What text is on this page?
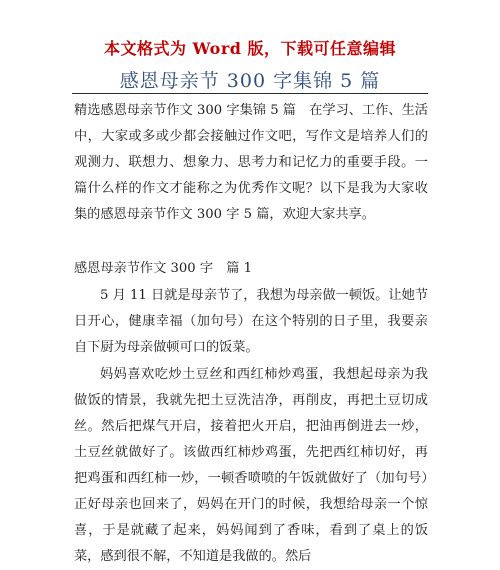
本文格式为 Word 版，下载可任意编辑
感恩母亲节 300 字集锦 5 篇
精选感恩母亲节作文 300 字集锦 5 篇　在学习、工作、生活中，大家或多或少都会接触过作文吧，写作文是培养人们的观测力、联想力、想象力、思考力和记忆力的重要手段。一篇什么样的作文才能称之为优秀作文呢？以下是我为大家收集的感恩母亲节作文 300 字 5 篇，欢迎大家共享。
感恩母亲节作文 300 字　篇 1
5 月 11 日就是母亲节了，我想为母亲做一顿饭。让她节日开心，健康幸福（加句号）在这个特别的日子里，我要亲自下厨为母亲做顿可口的饭菜。
妈妈喜欢吃炒土豆丝和西红柿炒鸡蛋，我想起母亲为我做饭的情景，我就先把土豆洗洁净，再削皮，再把土豆切成丝。然后把煤气开启，接着把火开启，把油再倒进去一炒，土豆丝就做好了。该做西红柿炒鸡蛋，先把西红柿切好，再把鸡蛋和西红柿一炒，一顿香喷喷的午饭就做好了（加句号）正好母亲也回来了，妈妈在开门的时候，我想给母亲一个惊喜，于是就藏了起来，妈妈闻到了香味，看到了桌上的饭菜，感到很不解，不知道是我做的。然后
